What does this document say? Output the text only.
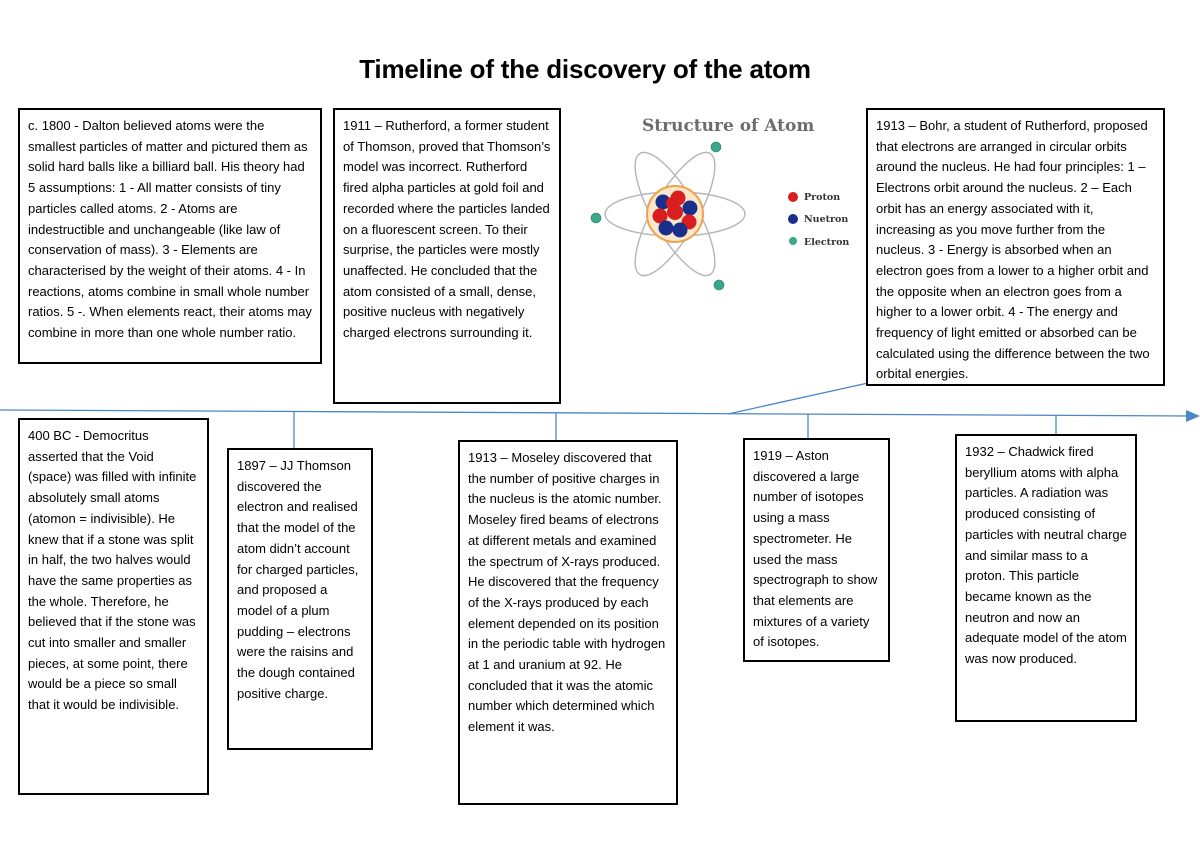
Timeline of the discovery of the atom

c. 1800 - Dalton believed atoms were the smallest particles of matter and pictured them as solid hard balls like a billiard ball. His theory had 5 assumptions: 1 - All matter consists of tiny particles called atoms. 2 - Atoms are indestructible and unchangeable (like law of conservation of mass). 3 - Elements are characterised by the weight of their atoms. 4 - In reactions, atoms combine in small whole number ratios. 5 -. When elements react, their atoms may combine in more than one whole number ratio.

1911 – Rutherford, a former student of Thomson, proved that Thomson’s model was incorrect. Rutherford fired alpha particles at gold foil and recorded where the particles landed on a fluorescent screen. To their surprise, the particles were mostly unaffected. He concluded that the atom consisted of a small, dense, positive nucleus with negatively charged electrons surrounding it.

Structure of Atom
Proton
Nuetron
Electron

1913 – Bohr, a student of Rutherford, proposed that electrons are arranged in circular orbits around the nucleus. He had four principles: 1 – Electrons orbit around the nucleus. 2 – Each orbit has an energy associated with it, increasing as you move further from the nucleus. 3 - Energy is absorbed when an electron goes from a lower to a higher orbit and the opposite when an electron goes from a higher to a lower orbit. 4 - The energy and frequency of light emitted or absorbed can be calculated using the difference between the two orbital energies.

400 BC - Democritus asserted that the Void (space) was filled with infinite absolutely small atoms (atomon = indivisible). He knew that if a stone was split in half, the two halves would have the same properties as the whole. Therefore, he believed that if the stone was cut into smaller and smaller pieces, at some point, there would be a piece so small that it would be indivisible.

1897 – JJ Thomson discovered the electron and realised that the model of the atom didn’t account for charged particles, and proposed a model of a plum pudding – electrons were the raisins and the dough contained positive charge.

1913 – Moseley discovered that the number of positive charges in the nucleus is the atomic number. Moseley fired beams of electrons at different metals and examined the spectrum of X-rays produced. He discovered that the frequency of the X-rays produced by each element depended on its position in the periodic table with hydrogen at 1 and uranium at 92. He concluded that it was the atomic number which determined which element it was.

1919 – Aston discovered a large number of isotopes using a mass spectrometer. He used the mass spectrograph to show that elements are mixtures of a variety of isotopes.

1932 – Chadwick fired beryllium atoms with alpha particles. A radiation was produced consisting of particles with neutral charge and similar mass to a proton. This particle became known as the neutron and now an adequate model of the atom was now produced.
